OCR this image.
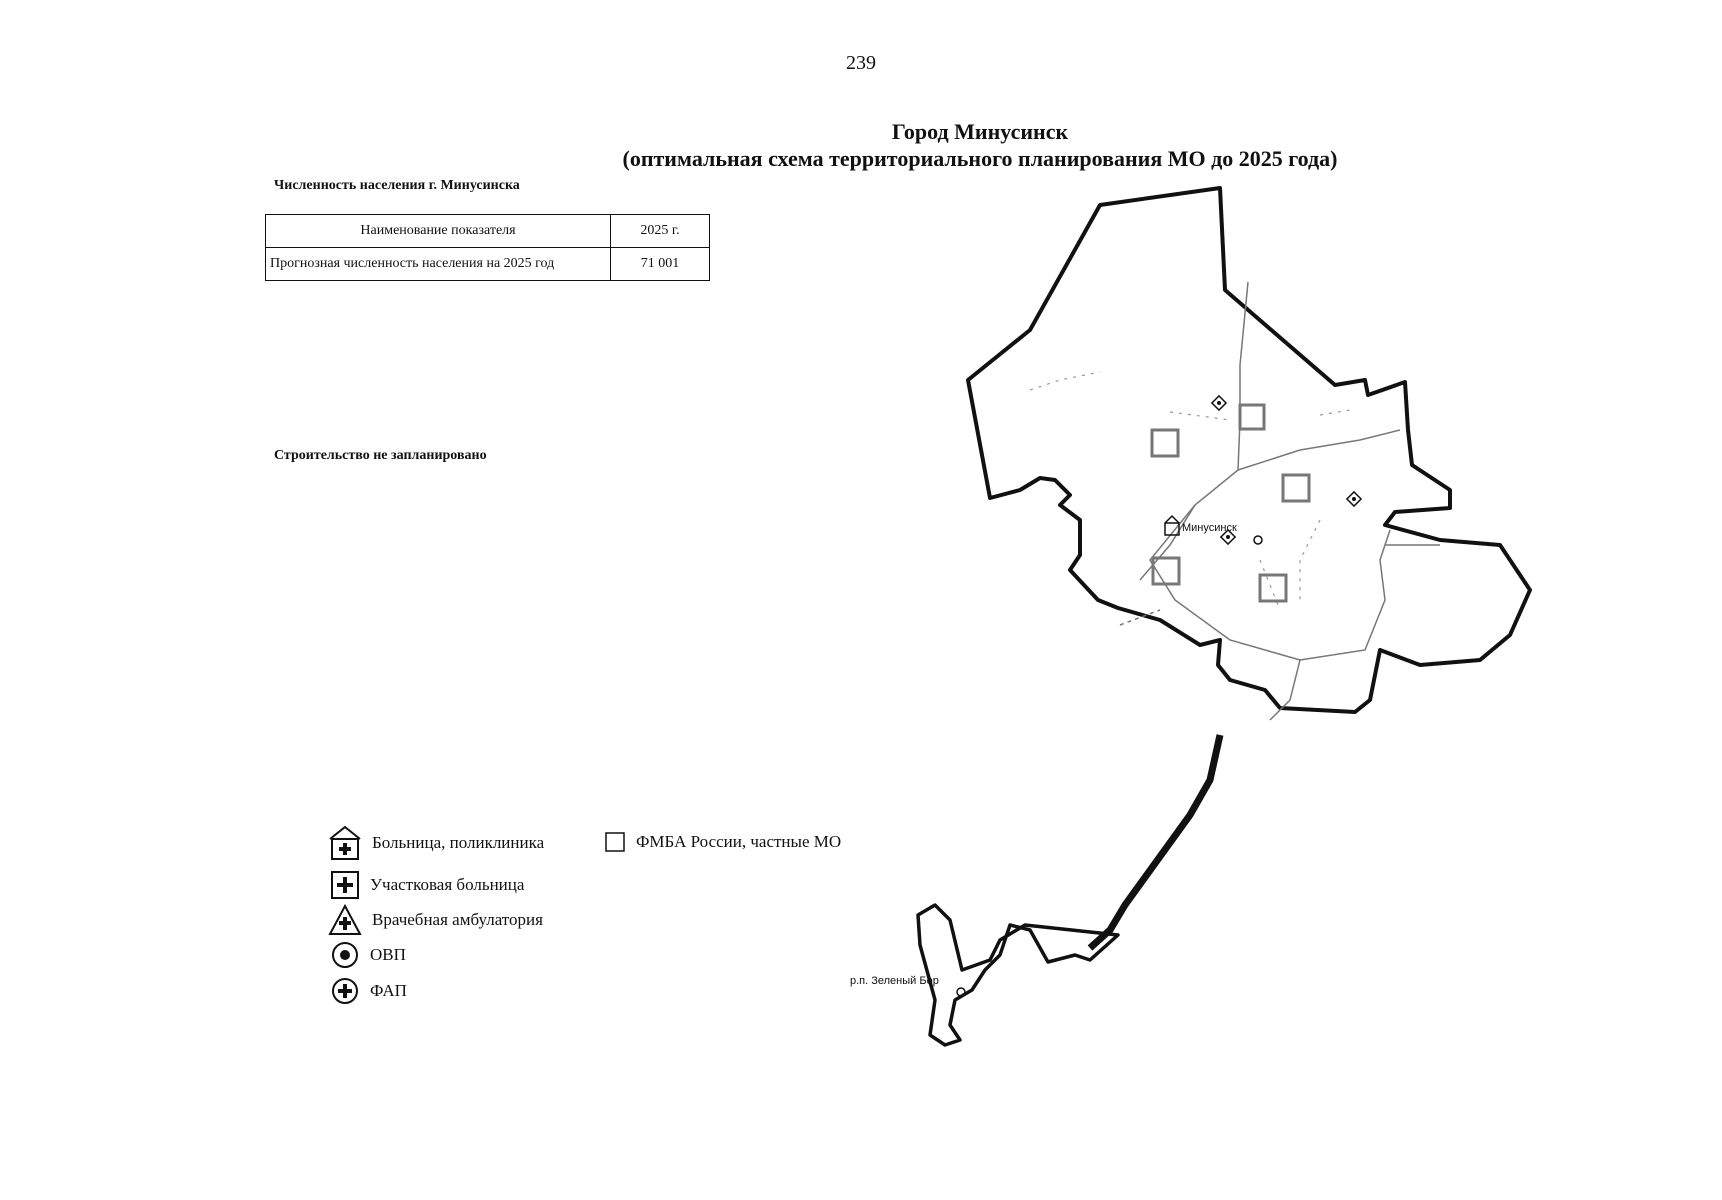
239
Город Минусинск
(оптимальная схема территориального планирования МО до 2025 года)
Численность населения г. Минусинска
Наименование показателя	2025 г.
Прогнозная численность населения на 2025 год	71 001
Строительство не запланировано
Минусинск
р.п. Зеленый Бор
Больница, поликлиника
Участковая больница
Врачебная амбулатория
ОВП
ФАП
ФМБА России, частные МО
